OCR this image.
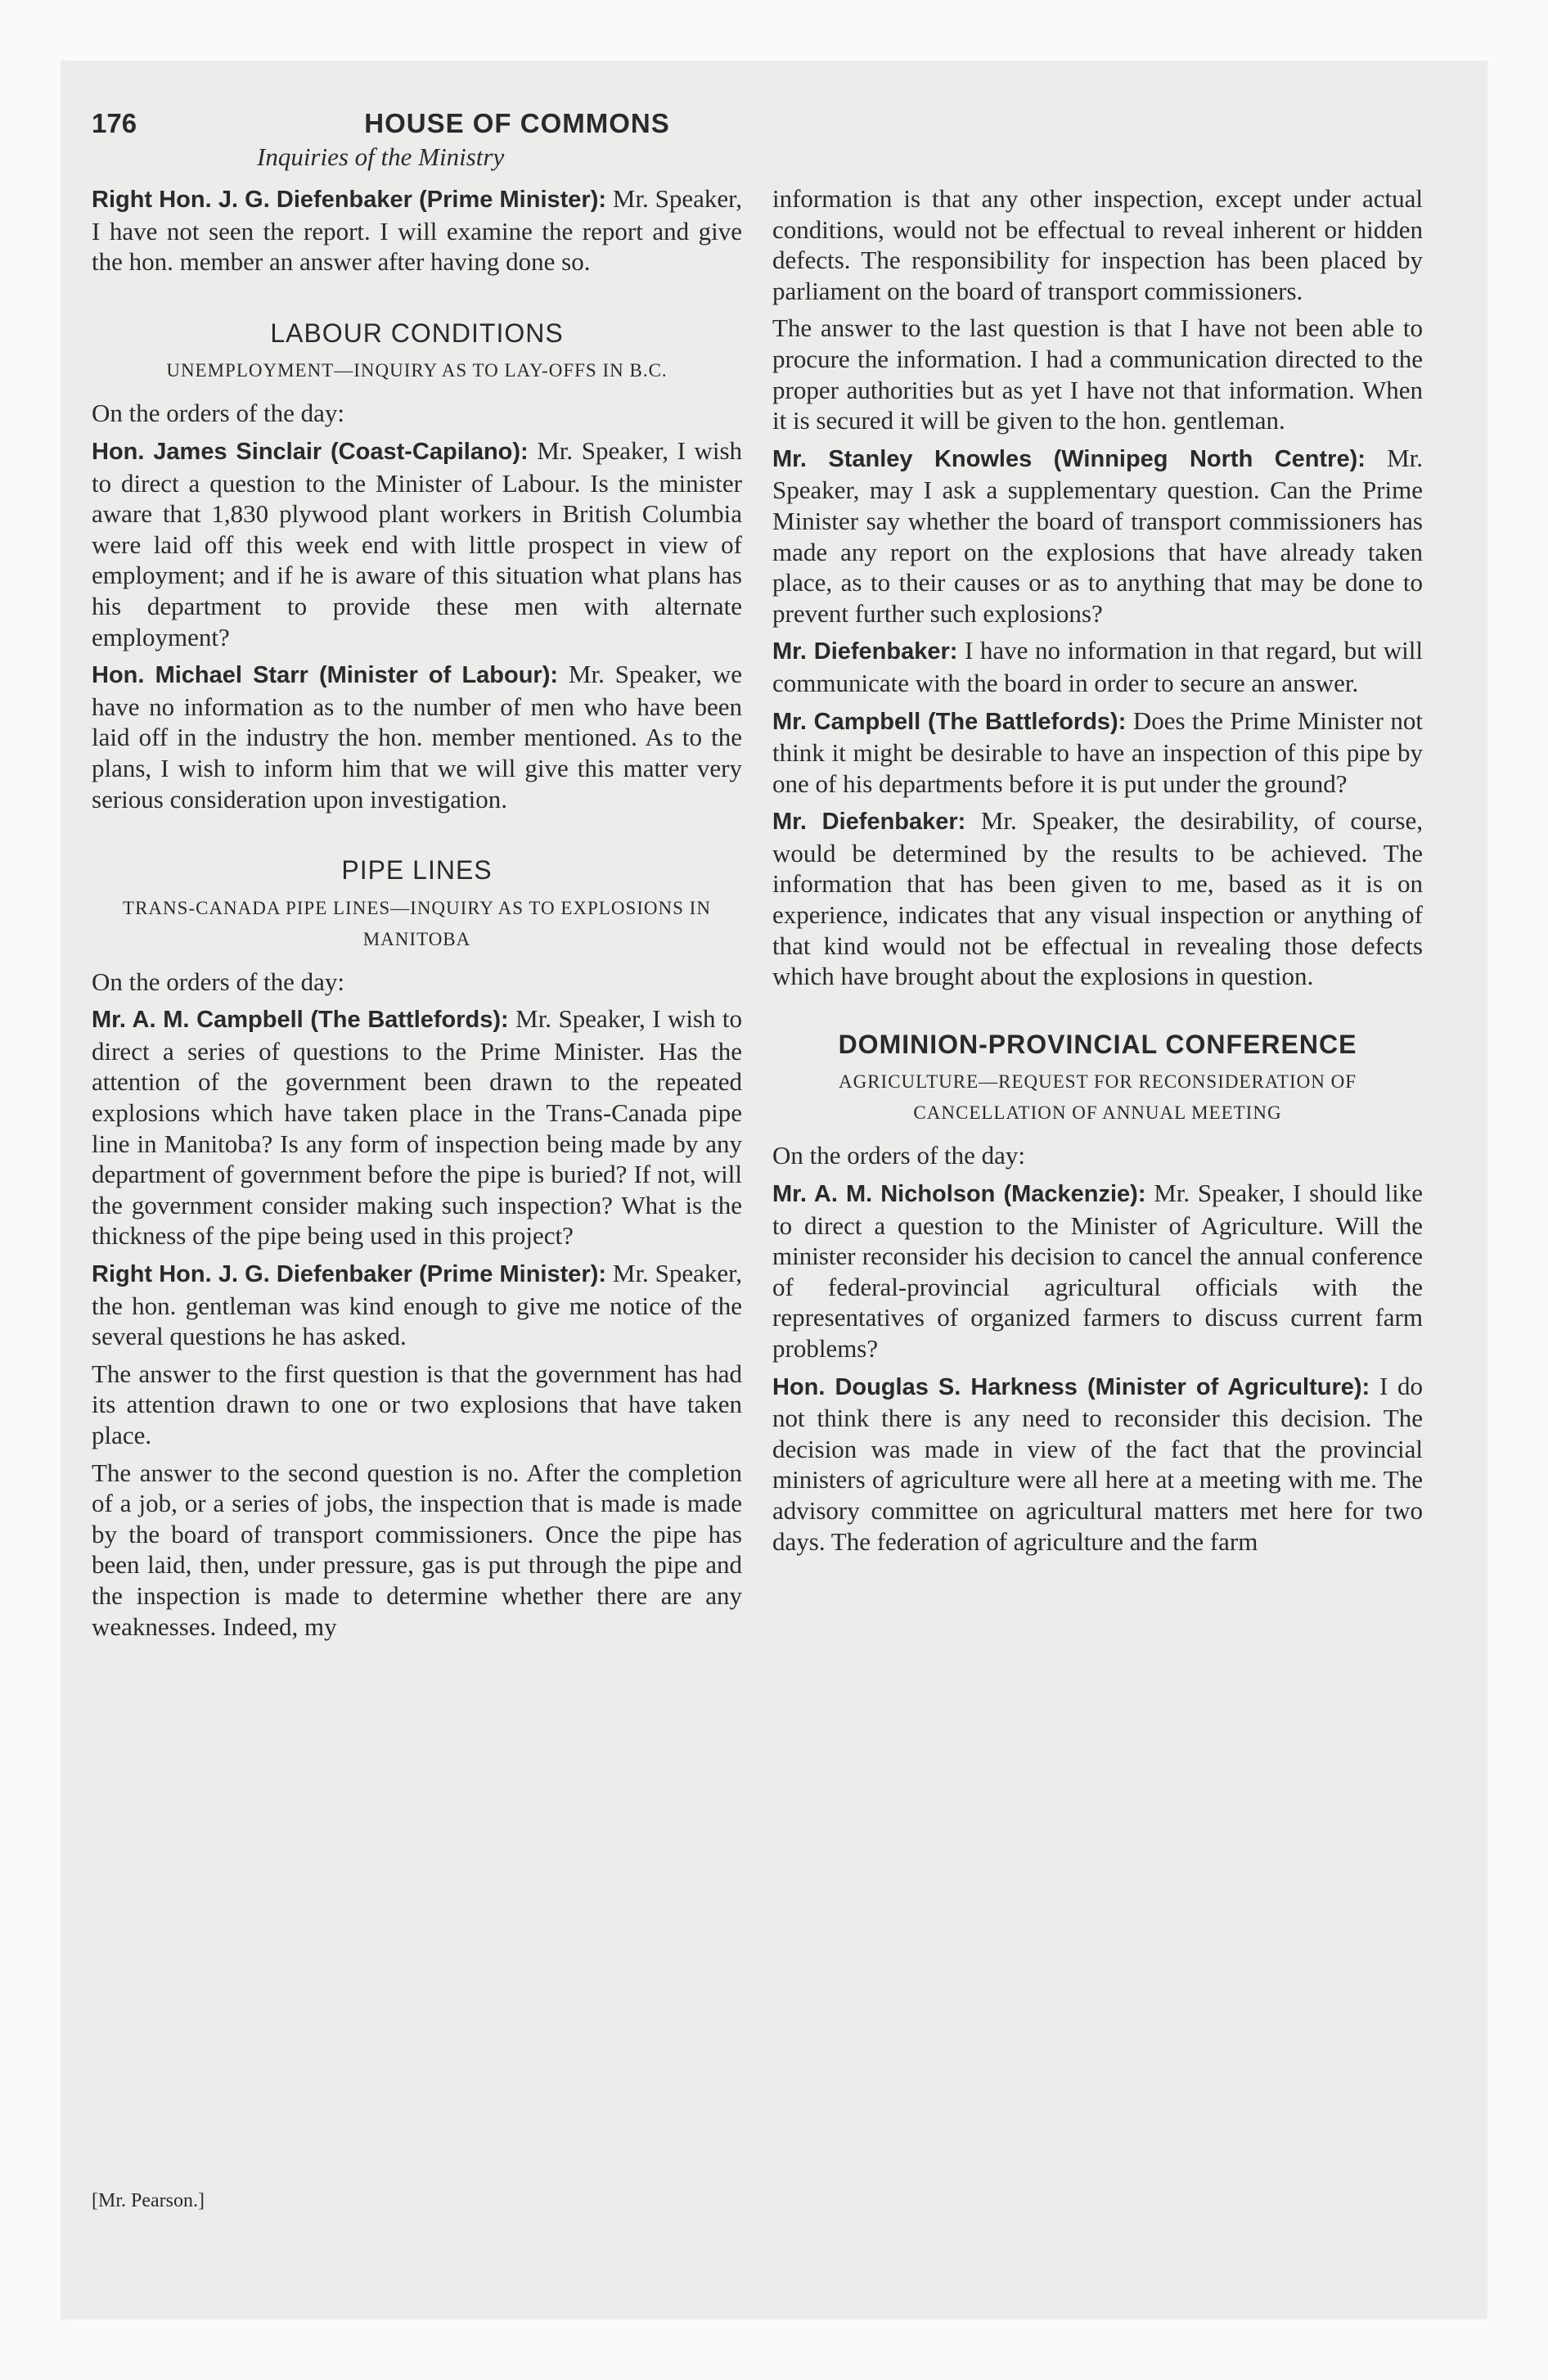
176	HOUSE OF COMMONS
Inquiries of the Ministry

Right Hon. J. G. Diefenbaker (Prime Minister): Mr. Speaker, I have not seen the report. I will examine the report and give the hon. member an answer after having done so.

LABOUR CONDITIONS
UNEMPLOYMENT—INQUIRY AS TO LAY-OFFS IN B.C.

On the orders of the day:

Hon. James Sinclair (Coast-Capilano): Mr. Speaker, I wish to direct a question to the Minister of Labour. Is the minister aware that 1,830 plywood plant workers in British Columbia were laid off this week end with little prospect in view of employment; and if he is aware of this situation what plans has his department to provide these men with alternate employment?

Hon. Michael Starr (Minister of Labour): Mr. Speaker, we have no information as to the number of men who have been laid off in the industry the hon. member mentioned. As to the plans, I wish to inform him that we will give this matter very serious consideration upon investigation.

PIPE LINES
TRANS-CANADA PIPE LINES—INQUIRY AS TO EXPLOSIONS IN MANITOBA

On the orders of the day:

Mr. A. M. Campbell (The Battlefords): Mr. Speaker, I wish to direct a series of questions to the Prime Minister. Has the attention of the government been drawn to the repeated explosions which have taken place in the Trans-Canada pipe line in Manitoba? Is any form of inspection being made by any department of government before the pipe is buried? If not, will the government consider making such inspection? What is the thickness of the pipe being used in this project?

Right Hon. J. G. Diefenbaker (Prime Minister): Mr. Speaker, the hon. gentleman was kind enough to give me notice of the several questions he has asked.

The answer to the first question is that the government has had its attention drawn to one or two explosions that have taken place.

The answer to the second question is no. After the completion of a job, or a series of jobs, the inspection that is made is made by the board of transport commissioners. Once the pipe has been laid, then, under pressure, gas is put through the pipe and the inspection is made to determine whether there are any weaknesses. Indeed, my

information is that any other inspection, except under actual conditions, would not be effectual to reveal inherent or hidden defects. The responsibility for inspection has been placed by parliament on the board of transport commissioners.

The answer to the last question is that I have not been able to procure the information. I had a communication directed to the proper authorities but as yet I have not that information. When it is secured it will be given to the hon. gentleman.

Mr. Stanley Knowles (Winnipeg North Centre): Mr. Speaker, may I ask a supplementary question. Can the Prime Minister say whether the board of transport commissioners has made any report on the explosions that have already taken place, as to their causes or as to anything that may be done to prevent further such explosions?

Mr. Diefenbaker: I have no information in that regard, but will communicate with the board in order to secure an answer.

Mr. Campbell (The Battlefords): Does the Prime Minister not think it might be desirable to have an inspection of this pipe by one of his departments before it is put under the ground?

Mr. Diefenbaker: Mr. Speaker, the desirability, of course, would be determined by the results to be achieved. The information that has been given to me, based as it is on experience, indicates that any visual inspection or anything of that kind would not be effectual in revealing those defects which have brought about the explosions in question.

DOMINION-PROVINCIAL CONFERENCE
AGRICULTURE—REQUEST FOR RECONSIDERATION OF CANCELLATION OF ANNUAL MEETING

On the orders of the day:

Mr. A. M. Nicholson (Mackenzie): Mr. Speaker, I should like to direct a question to the Minister of Agriculture. Will the minister reconsider his decision to cancel the annual conference of federal-provincial agricultural officials with the representatives of organized farmers to discuss current farm problems?

Hon. Douglas S. Harkness (Minister of Agriculture): I do not think there is any need to reconsider this decision. The decision was made in view of the fact that the provincial ministers of agriculture were all here at a meeting with me. The advisory committee on agricultural matters met here for two days. The federation of agriculture and the farm

[Mr. Pearson.]
